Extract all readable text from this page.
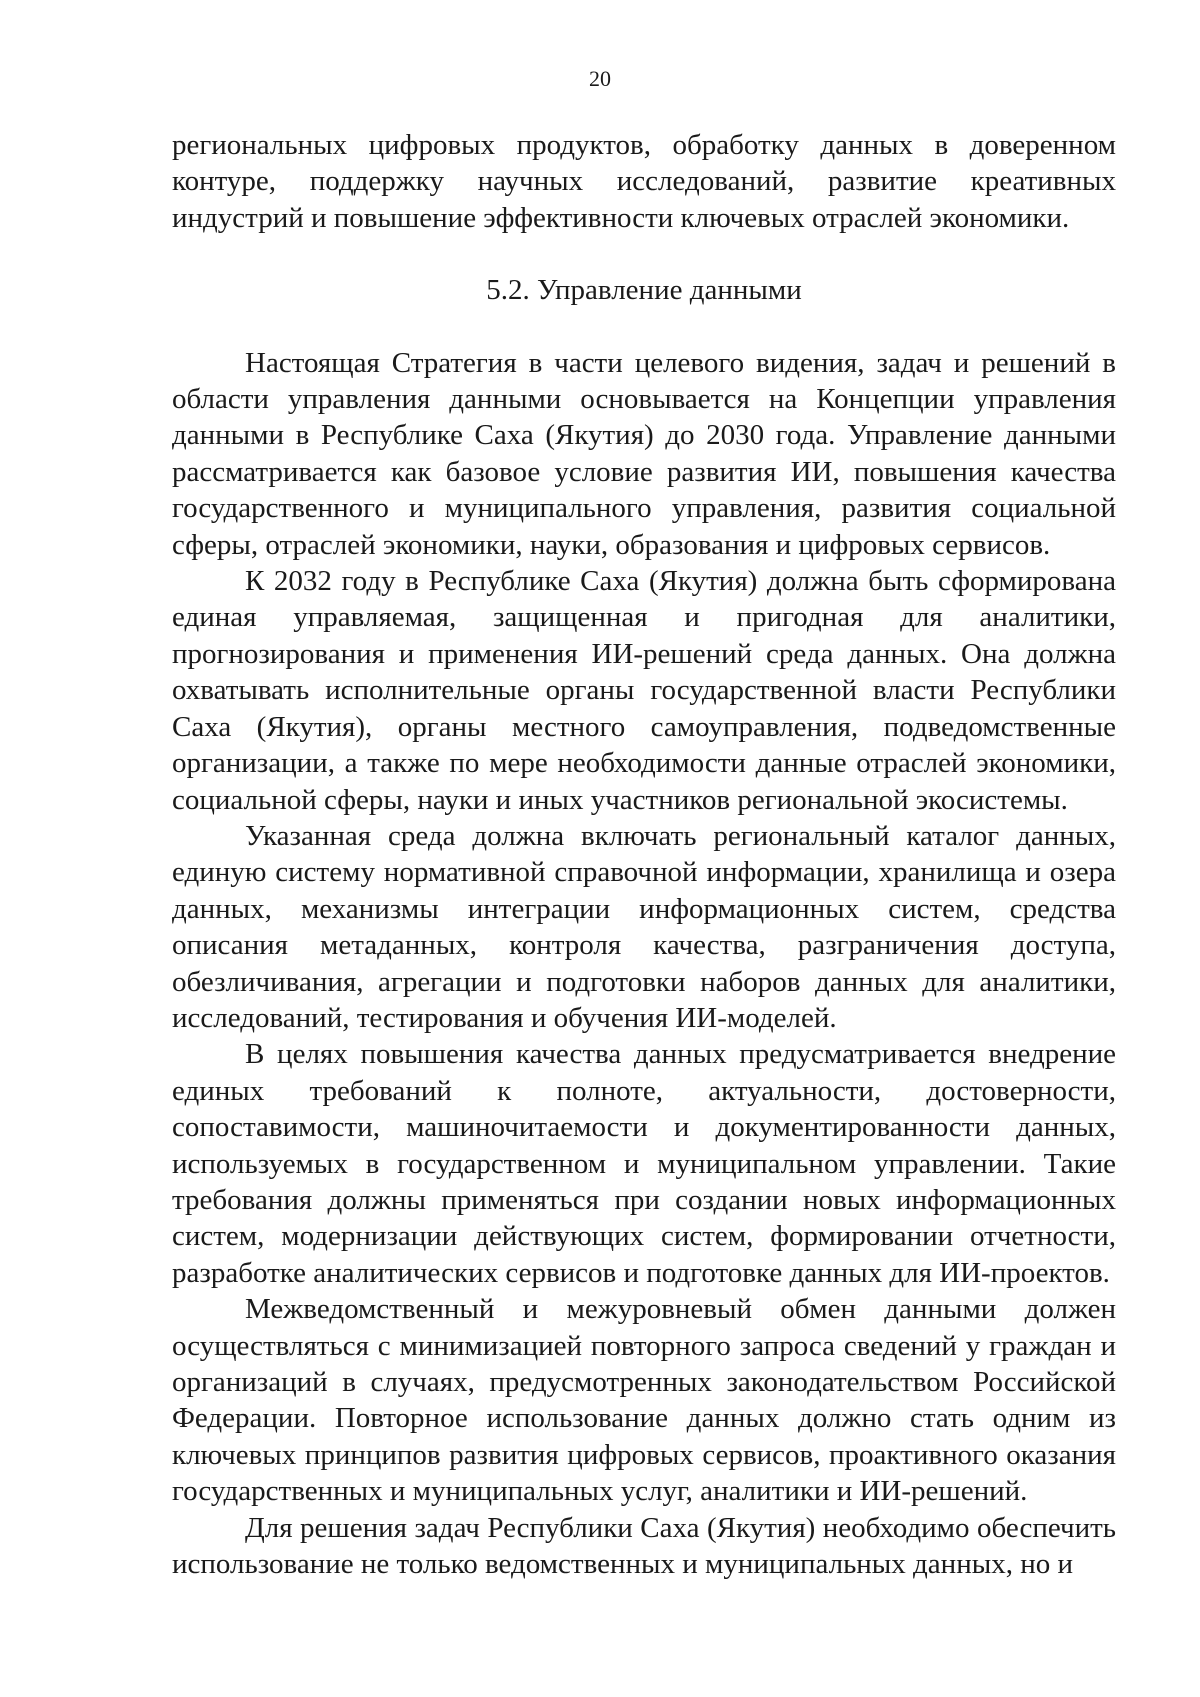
20

региональных цифровых продуктов, обработку данных в доверенном контуре, поддержку научных исследований, развитие креативных индустрий и повышение эффективности ключевых отраслей экономики.

5.2. Управление данными

Настоящая Стратегия в части целевого видения, задач и решений в области управления данными основывается на Концепции управления данными в Республике Саха (Якутия) до 2030 года. Управление данными рассматривается как базовое условие развития ИИ, повышения качества государственного и муниципального управления, развития социальной сферы, отраслей экономики, науки, образования и цифровых сервисов.

К 2032 году в Республике Саха (Якутия) должна быть сформирована единая управляемая, защищенная и пригодная для аналитики, прогнозирования и применения ИИ-решений среда данных. Она должна охватывать исполнительные органы государственной власти Республики Саха (Якутия), органы местного самоуправления, подведомственные организации, а также по мере необходимости данные отраслей экономики, социальной сферы, науки и иных участников региональной экосистемы.

Указанная среда должна включать региональный каталог данных, единую систему нормативной справочной информации, хранилища и озера данных, механизмы интеграции информационных систем, средства описания метаданных, контроля качества, разграничения доступа, обезличивания, агрегации и подготовки наборов данных для аналитики, исследований, тестирования и обучения ИИ-моделей.

В целях повышения качества данных предусматривается внедрение единых требований к полноте, актуальности, достоверности, сопоставимости, машиночитаемости и документированности данных, используемых в государственном и муниципальном управлении. Такие требования должны применяться при создании новых информационных систем, модернизации действующих систем, формировании отчетности, разработке аналитических сервисов и подготовке данных для ИИ-проектов.

Межведомственный и межуровневый обмен данными должен осуществляться с минимизацией повторного запроса сведений у граждан и организаций в случаях, предусмотренных законодательством Российской Федерации. Повторное использование данных должно стать одним из ключевых принципов развития цифровых сервисов, проактивного оказания государственных и муниципальных услуг, аналитики и ИИ-решений.

Для решения задач Республики Саха (Якутия) необходимо обеспечить использование не только ведомственных и муниципальных данных, но и
